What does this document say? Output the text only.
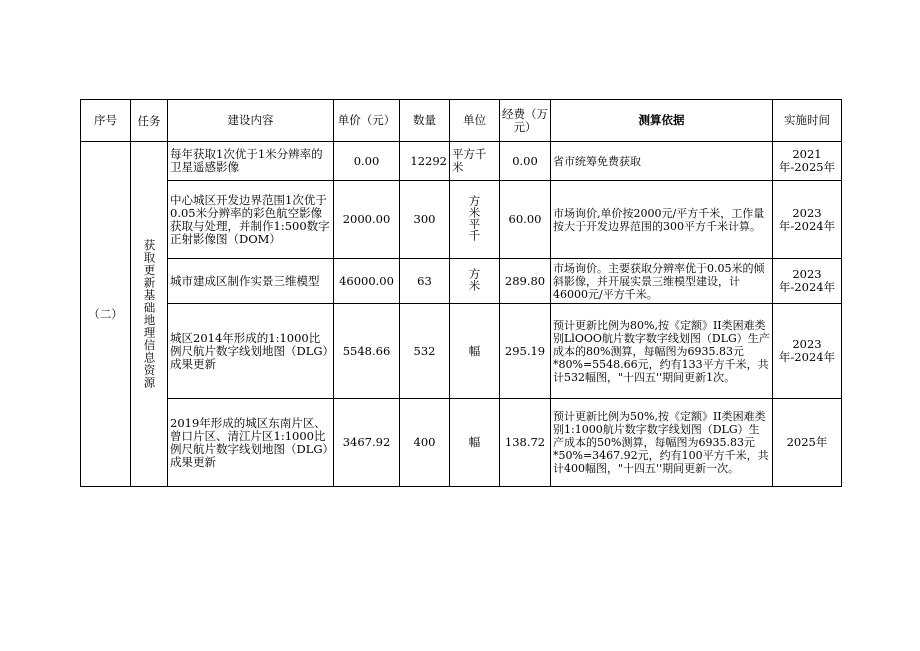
序号	任务	建设内容	单价（元）	数量	单位	经费（万元）	测算依据	实施时间
（二）	获取更新基础地理信息资源	每年获取1次优于1米分辨率的卫星遥感影像	0.00	12292	平方千米	0.00	省市统筹免费获取	2021年-2025年
		中心城区开发边界范围1次优于0.05米分辨率的彩色航空影像获取与处理，并制作1:500数字正射影像图（DOM）	2000.00	300	方米平千	60.00	市场询价,单价按2000元/平方千米，工作量按大于开发边界范围的300平方千米计算。	2023年-2024年
		城市建成区制作实景三维模型	46000.00	63	方米	289.80	市场询价。主要获取分辨率优于0.05米的倾斜影像，并开展实景三维模型建设，计46000元/平方千米。	2023年-2024年
		城区2014年形成的1:1000比例尺航片数字线划地图（DLG）成果更新	5548.66	532	幅	295.19	预计更新比例为80%,按《定额》II类困难类别LlOOO航片数字数字线划图（DLG）生产成本的80%测算，每幅图为6935.83元*80%=5548.66元，约有133平方千米，共计532幅图，"十四五''期间更新1次。	2023年-2024年
		2019年形成的城区东南片区、曾口片区、清江片区1:1000比例尺航片数字线划地图（DLG）成果更新	3467.92	400	幅	138.72	预计更新比例为50%,按《定额》II类困难类别1:1000航片数字数字线划图（DLG）生产成本的50%测算，每幅图为6935.83元*50%=3467.92元，约有100平方千米，共计400幅图，"十四五''期间更新一次。	2025年
